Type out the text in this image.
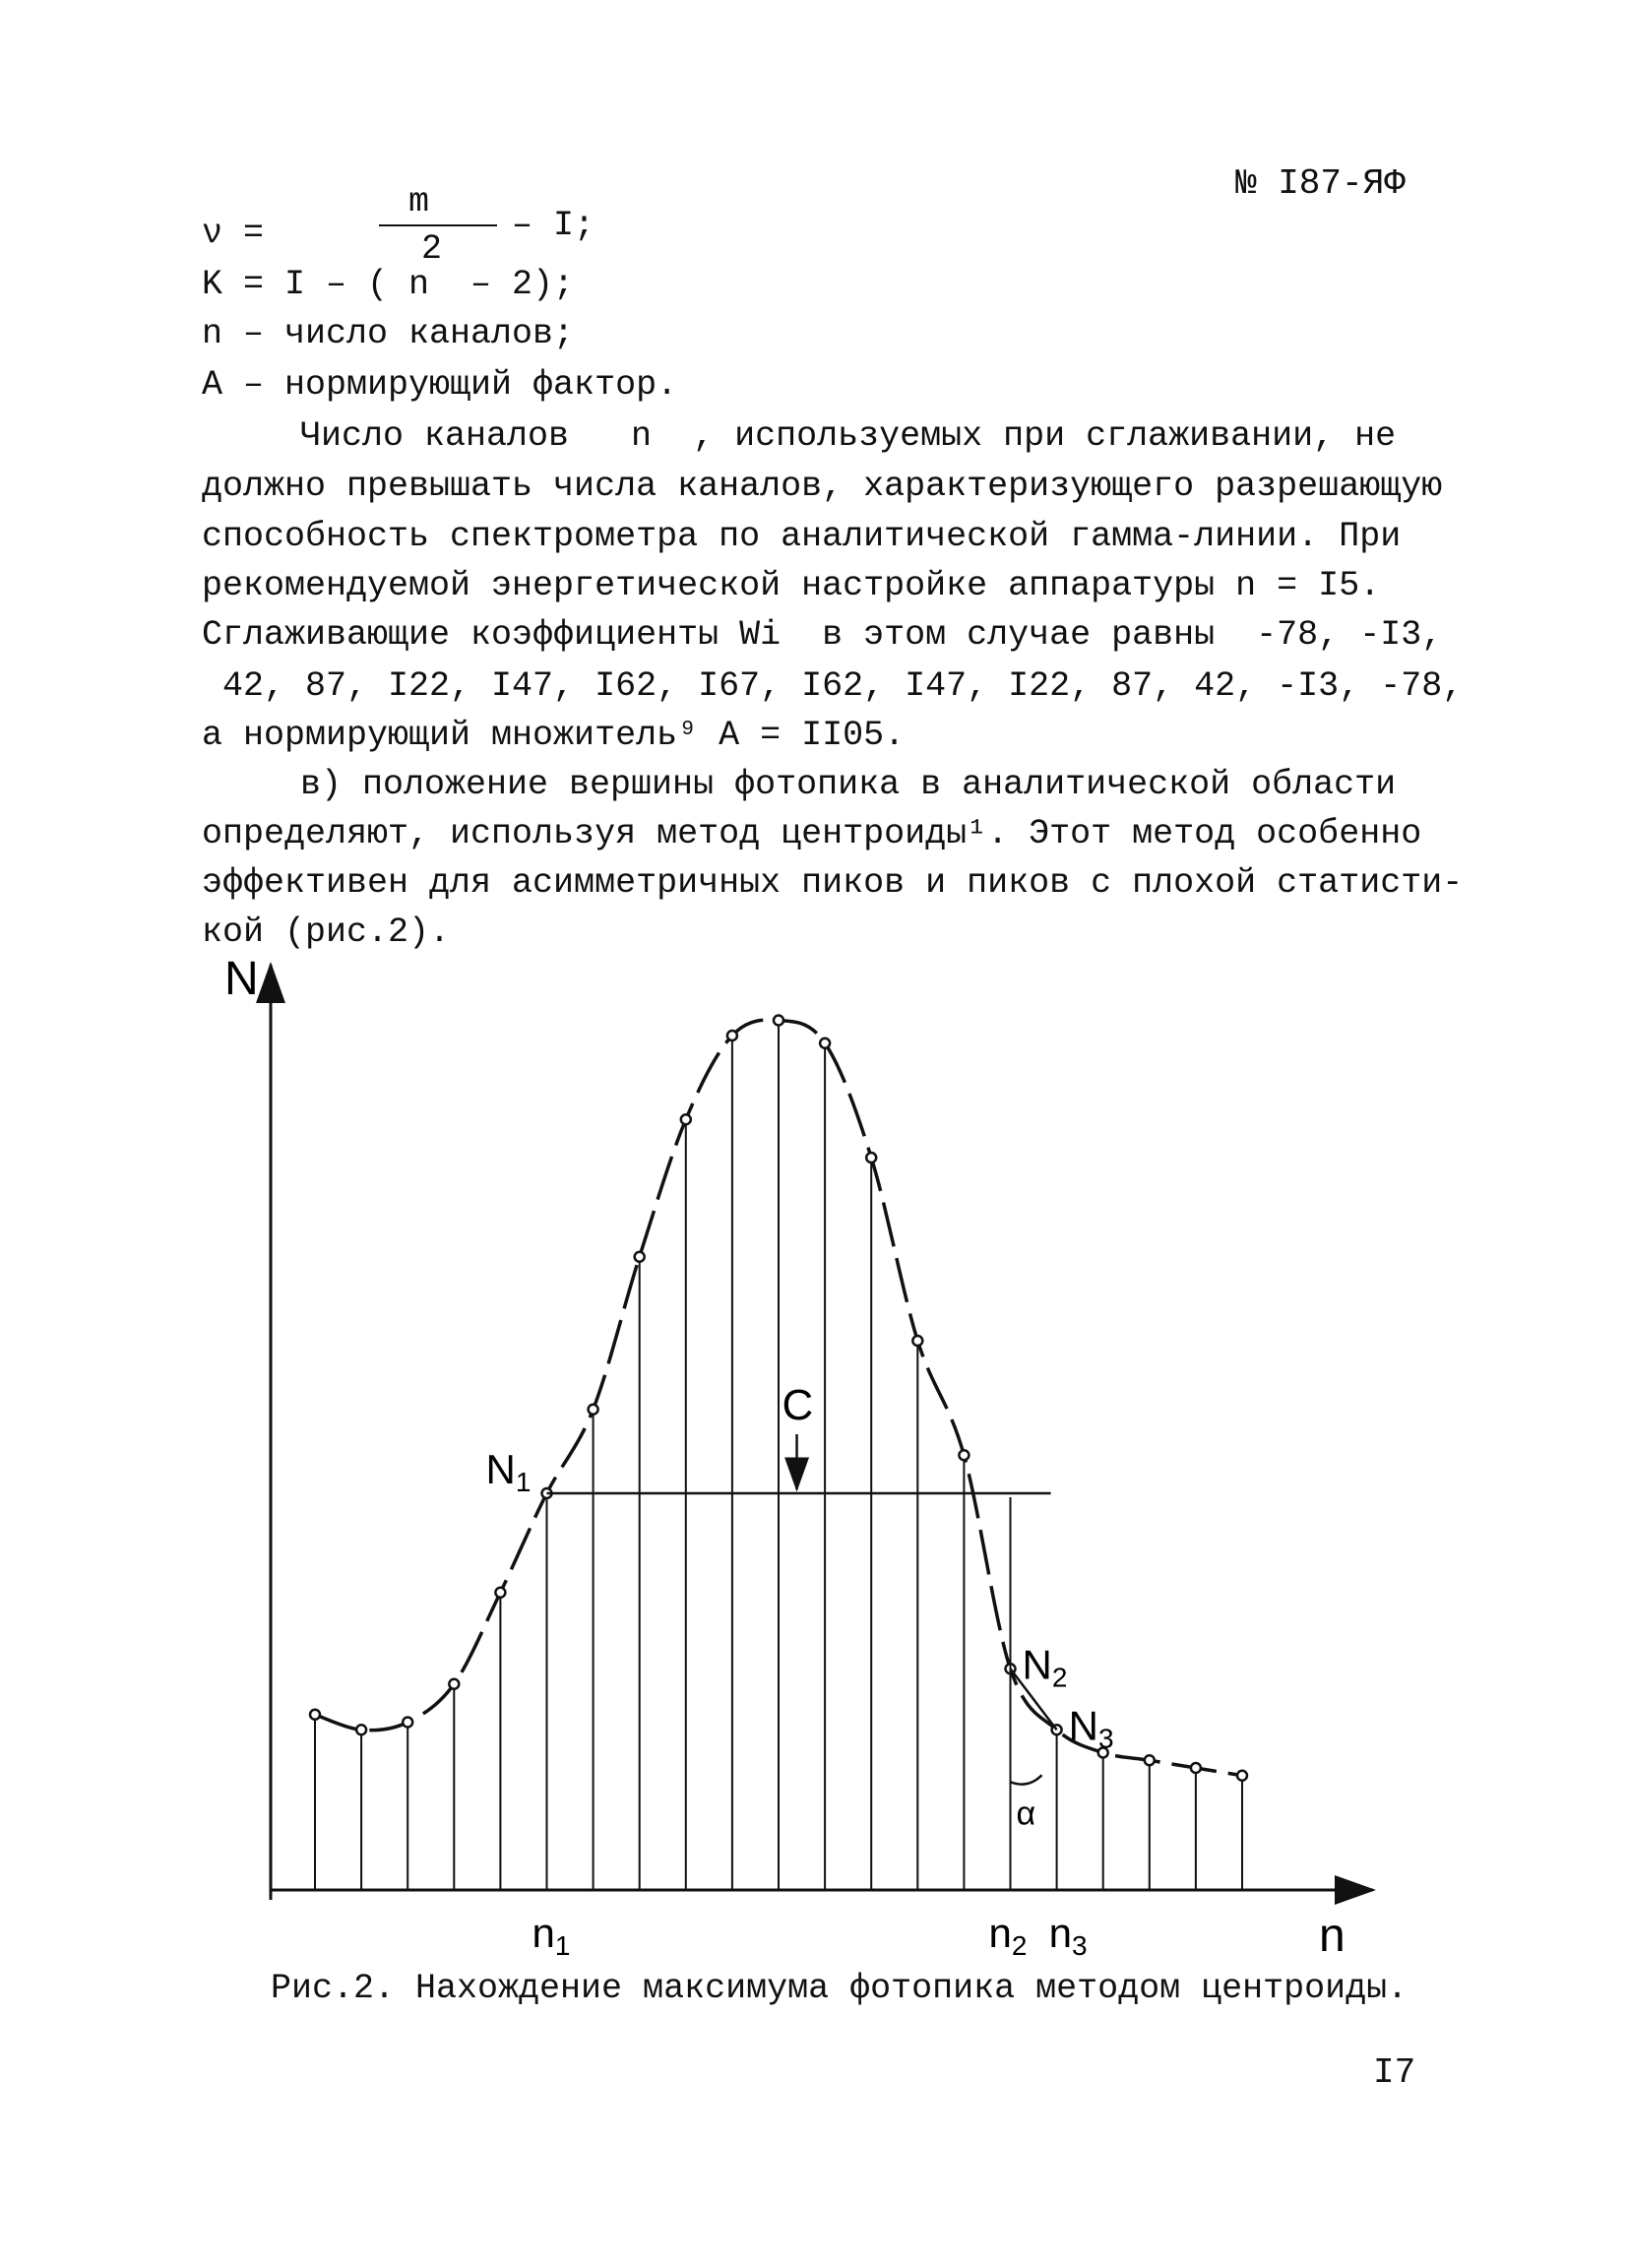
№ I87-ЯФ
ν =
m
2
– I;
K = I – ( n  – 2);
n – число каналов;
A – нормирующий фактор.
Число каналов   n  , используемых при сглаживании, не
должно превышать числа каналов, характеризующего разрешающую
способность спектрометра по аналитической гамма-линии. При
рекомендуемой энергетической настройке аппаратуры n = I5.
Сглаживающие коэффициенты Wi  в этом случае равны  -78, -I3,
42, 87, I22, I47, I62, I67, I62, I47, I22, 87, 42, -I3, -78,
а нормирующий множитель⁹ A = II05.
в) положение вершины фотопика в аналитической области
определяют, используя метод центроиды¹. Этот метод особенно
эффективен для асимметричных пиков и пиков с плохой статисти-
кой (рис.2).
N
n
C
α
N1
N2
N3
n1	n2 n3
Рис.2. Нахождение максимума фотопика методом центроиды.
I7
